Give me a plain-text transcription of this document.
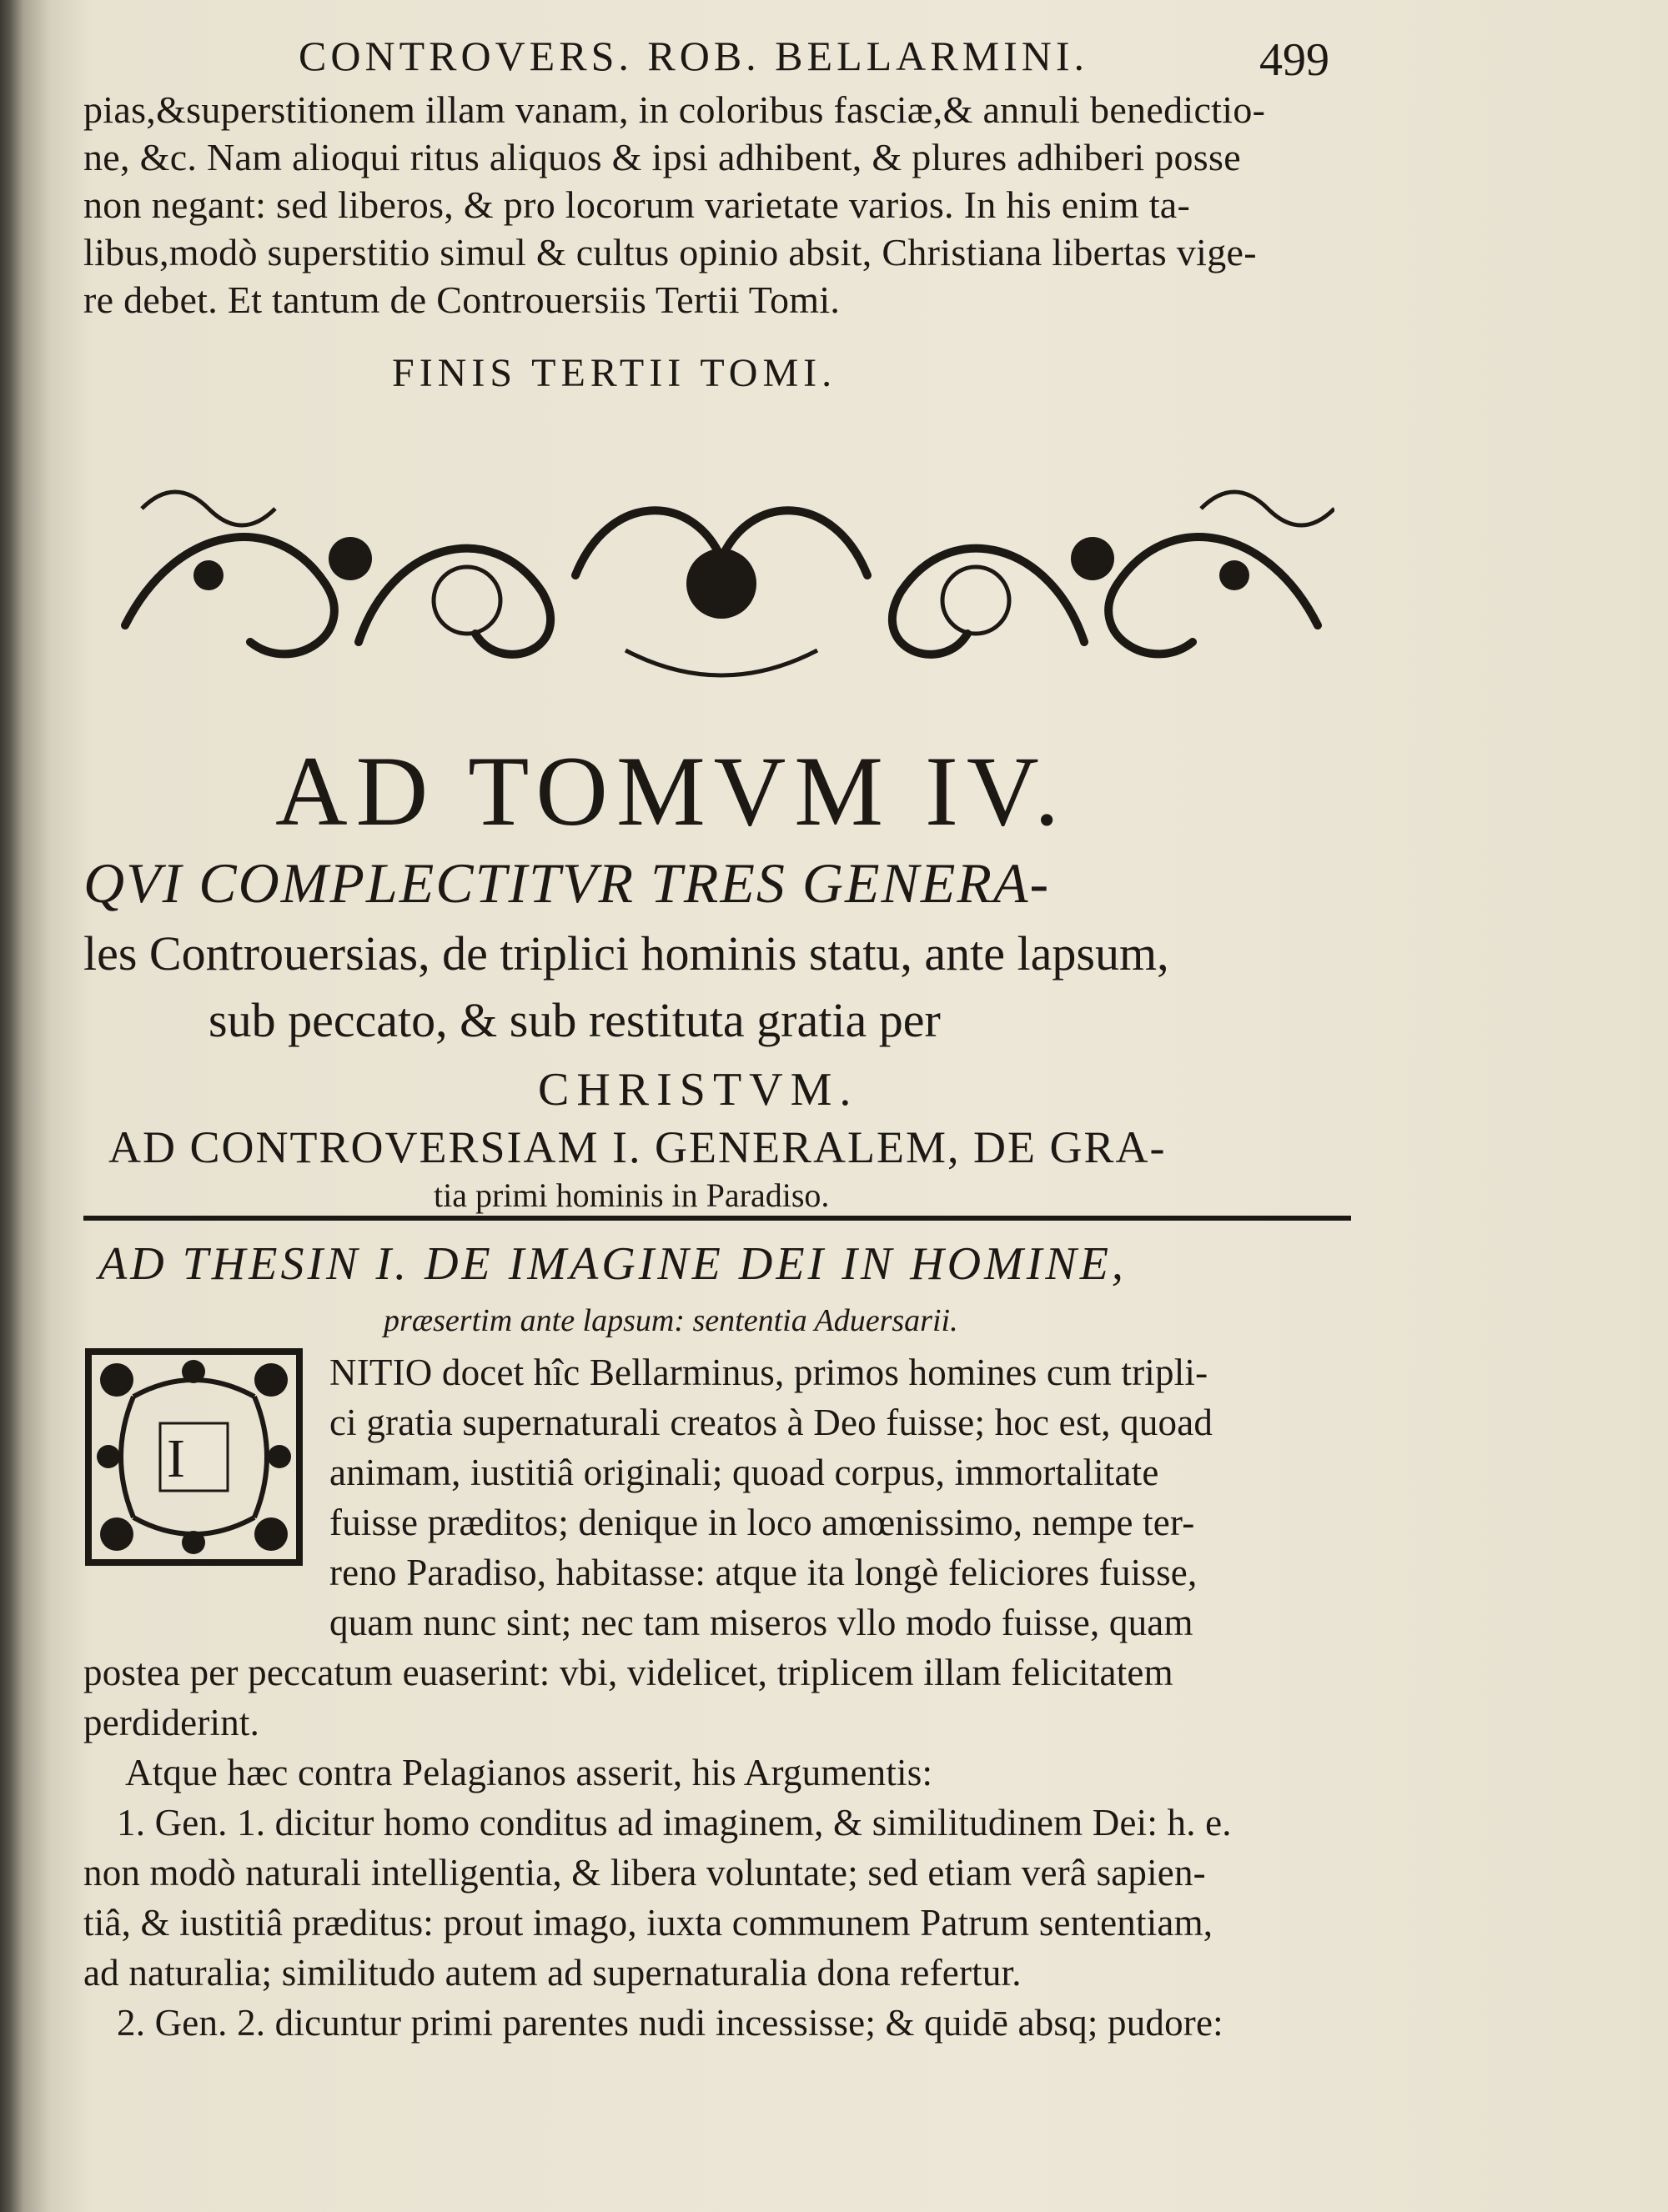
CONTROVERS. ROB. BELLARMINI.	499
pias,&superstitionem illam vanam, in coloribus fasciæ,& annuli benedictio-
ne, &c. Nam alioqui ritus aliquos & ipsi adhibent, & plures adhiberi posse
non negant: sed liberos, & pro locorum varietate varios. In his enim ta-
libus,modò superstitio simul & cultus opinio absit, Christiana libertas vige-
re debet. Et tantum de Controuersiis Tertii Tomi.
FINIS TERTII TOMI.
AD TOMVM IV.
QVI COMPLECTITVR TRES GENERA-
les Controuersias, de triplici hominis statu, ante lapsum,
sub peccato, & sub restituta gratia per
CHRISTVM.
AD CONTROVERSIAM I. GENERALEM, DE GRA-
tia primi hominis in Paradiso.
AD THESIN I. DE IMAGINE DEI IN HOMINE,
præsertim ante lapsum: sententia Aduersarii.
I
NITIO docet hîc Bellarminus, primos homines cum tripli-
ci gratia supernaturali creatos à Deo fuisse; hoc est, quoad
animam, iustitiâ originali; quoad corpus, immortalitate
fuisse præditos; denique in loco amœnissimo, nempe ter-
reno Paradiso, habitasse: atque ita longè feliciores fuisse,
quam nunc sint; nec tam miseros vllo modo fuisse, quam
postea per peccatum euaserint: vbi, videlicet, triplicem illam felicitatem
perdiderint.
Atque hæc contra Pelagianos asserit, his Argumentis:
1. Gen. 1. dicitur homo conditus ad imaginem, & similitudinem Dei: h. e.
non modò naturali intelligentia, & libera voluntate; sed etiam verâ sapien-
tiâ, & iustitiâ præditus: prout imago, iuxta communem Patrum sententiam,
ad naturalia; similitudo autem ad supernaturalia dona refertur.
2. Gen. 2. dicuntur primi parentes nudi incessisse; & quidē absq; pudore:
